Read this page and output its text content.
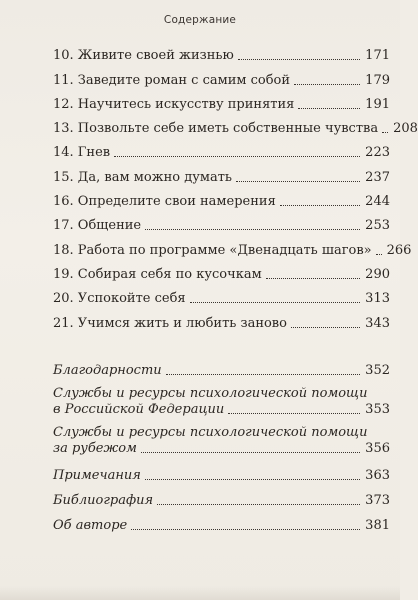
Содержание
10. Живите своей жизнью	171
11. Заведите роман с самим собой	179
12. Научитесь искусству принятия	191
13. Позвольте себе иметь собственные чувства 208
14. Гнев	223
15. Да, вам можно думать	237
16. Определите свои намерения	244
17. Общение	253
18. Работа по программе «Двенадцать шагов» 266
19. Собирая себя по кусочкам	290
20. Успокойте себя	313
21. Учимся жить и любить заново	343
Благодарности	352
Службы и ресурсы психологической помощи
в Российской Федерации	353
Службы и ресурсы психологической помощи
за рубежом	356
Примечания	363
Библиография	373
Об авторе	381
